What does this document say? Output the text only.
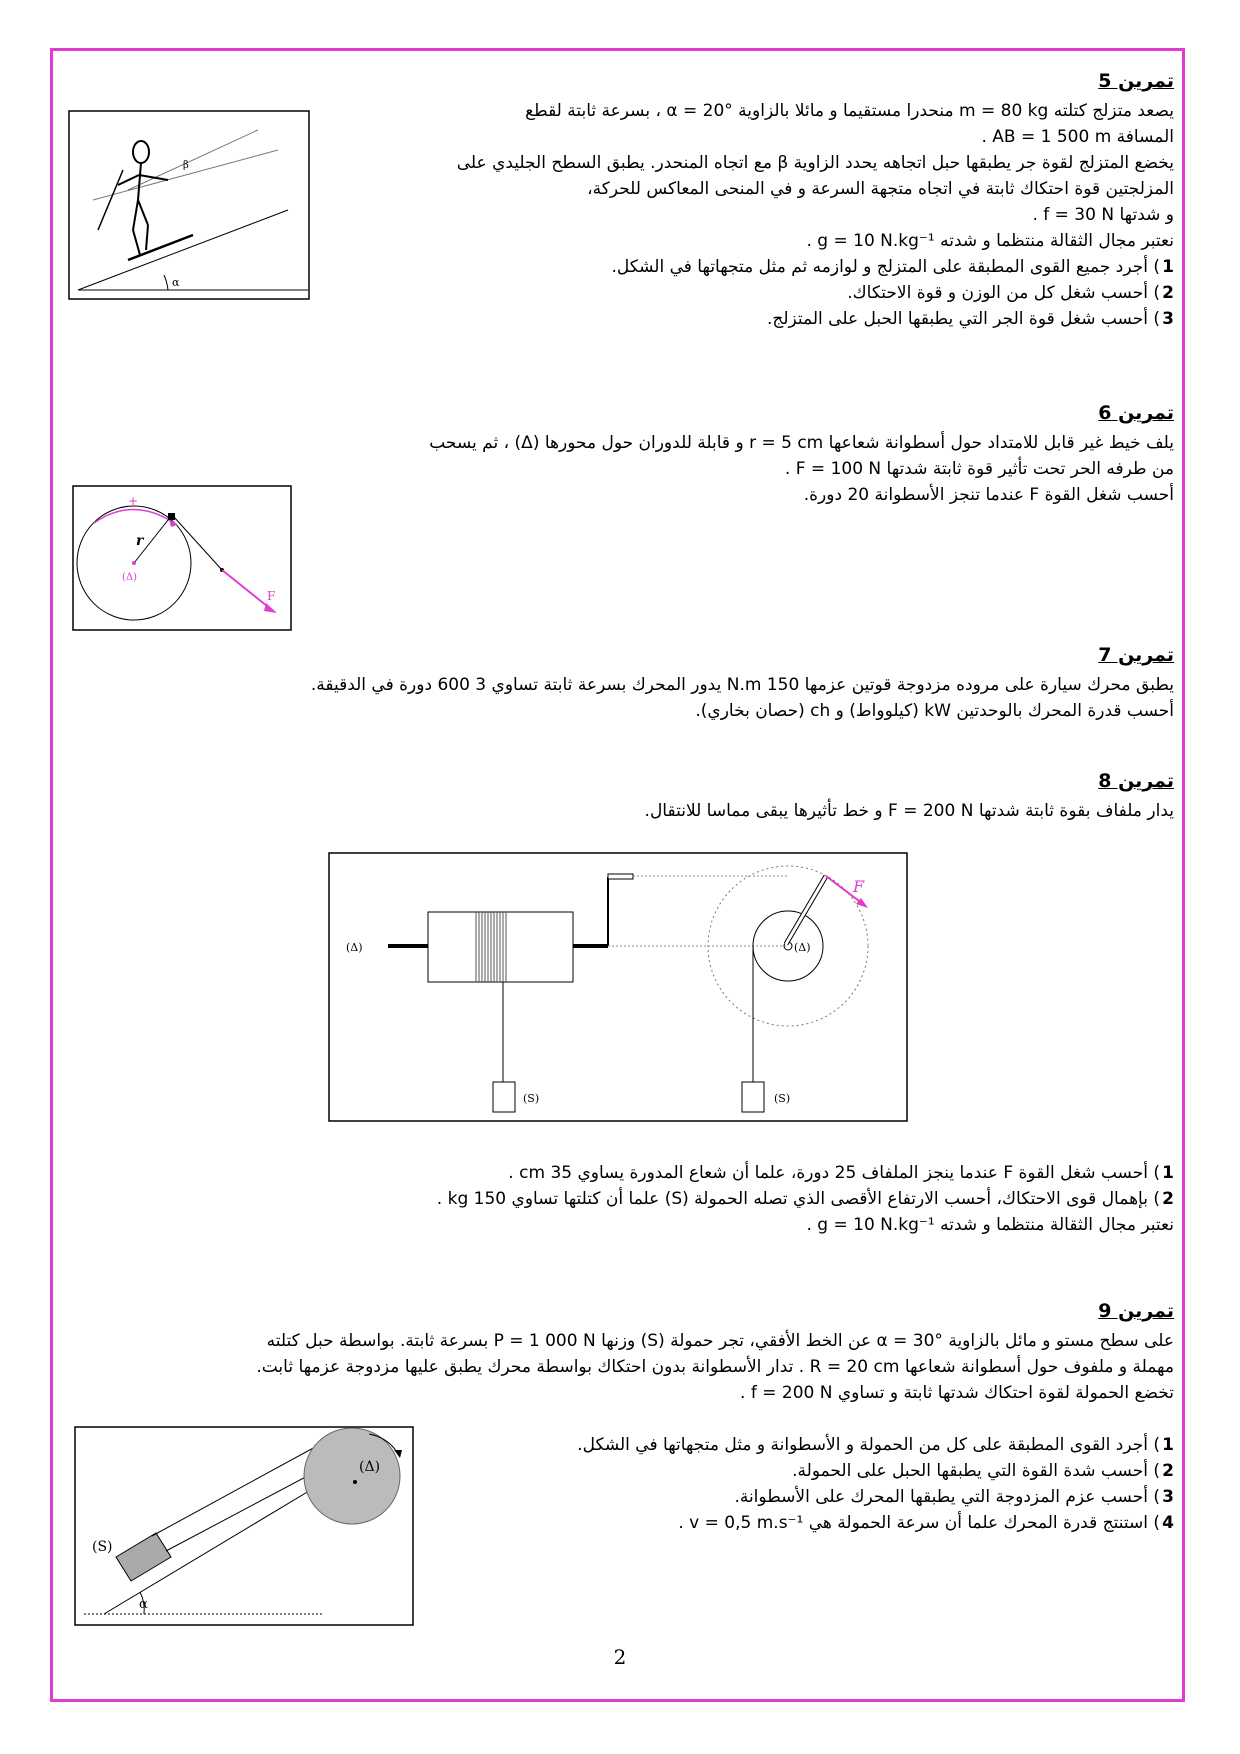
تمرين 5
يصعد متزلج كتلته m = 80 kg منحدرا مستقيما و مائلا بالزاوية α = 20° ، بسرعة ثابتة لقطع
المسافة AB = 1 500 m .
يخضع المتزلج لقوة جر يطبقها حبل اتجاهه يحدد الزاوية β مع اتجاه المنحدر. يطبق السطح الجليدي على
المزلجتين قوة احتكاك ثابتة في اتجاه متجهة السرعة و في المنحى المعاكس للحركة،
و شدتها f = 30 N .
نعتبر مجال الثقالة منتظما و شدته g = 10 N.kg⁻¹ .
1) أجرد جميع القوى المطبقة على المتزلج و لوازمه ثم مثل متجهاتها في الشكل.
2) أحسب شغل كل من الوزن و قوة الاحتكاك.
3) أحسب شغل قوة الجر التي يطبقها الحبل على المتزلج.
α
β
تمرين 6
يلف خيط غير قابل للامتداد حول أسطوانة شعاعها r = 5 cm و قابلة للدوران حول محورها (Δ) ، ثم يسحب
من طرفه الحر تحت تأثير قوة ثابتة شدتها F = 100 N .
أحسب شغل القوة F عندما تنجز الأسطوانة 20 دورة.
+
r
(Δ)
F
تمرين 7
يطبق محرك سيارة على مروده مزدوجة قوتين عزمها 150 N.m يدور المحرك بسرعة ثابتة تساوي 3 600 دورة في الدقيقة.
أحسب قدرة المحرك بالوحدتين kW (كيلوواط) و ch (حصان بخاري).
تمرين 8
يدار ملفاف بقوة ثابتة شدتها F = 200 N و خط تأثيرها يبقى مماسا للانتقال.
(Δ)
(S)
(Δ)
F
(S)
1) أحسب شغل القوة F عندما ينجز الملفاف 25 دورة، علما أن شعاع المدورة يساوي 35 cm .
2) بإهمال قوى الاحتكاك، أحسب الارتفاع الأقصى الذي تصله الحمولة (S) علما أن كتلتها تساوي 150 kg .
نعتبر مجال الثقالة منتظما و شدته g = 10 N.kg⁻¹ .
تمرين 9
على سطح مستو و مائل بالزاوية α = 30° عن الخط الأفقي، تجر حمولة (S) وزنها P = 1 000 N بسرعة ثابتة. بواسطة حبل كتلته
مهملة و ملفوف حول أسطوانة شعاعها R = 20 cm . تدار الأسطوانة بدون احتكاك بواسطة محرك يطبق عليها مزدوجة عزمها ثابت.
تخضع الحمولة لقوة احتكاك شدتها ثابتة و تساوي f = 200 N .
1) أجرد القوى المطبقة على كل من الحمولة و الأسطوانة و مثل متجهاتها في الشكل.
2) أحسب شدة القوة التي يطبقها الحبل على الحمولة.
3) أحسب عزم المزدوجة التي يطبقها المحرك على الأسطوانة.
4) استنتج قدرة المحرك علما أن سرعة الحمولة هي v = 0,5 m.s⁻¹ .
α
(S)
(Δ)
2
